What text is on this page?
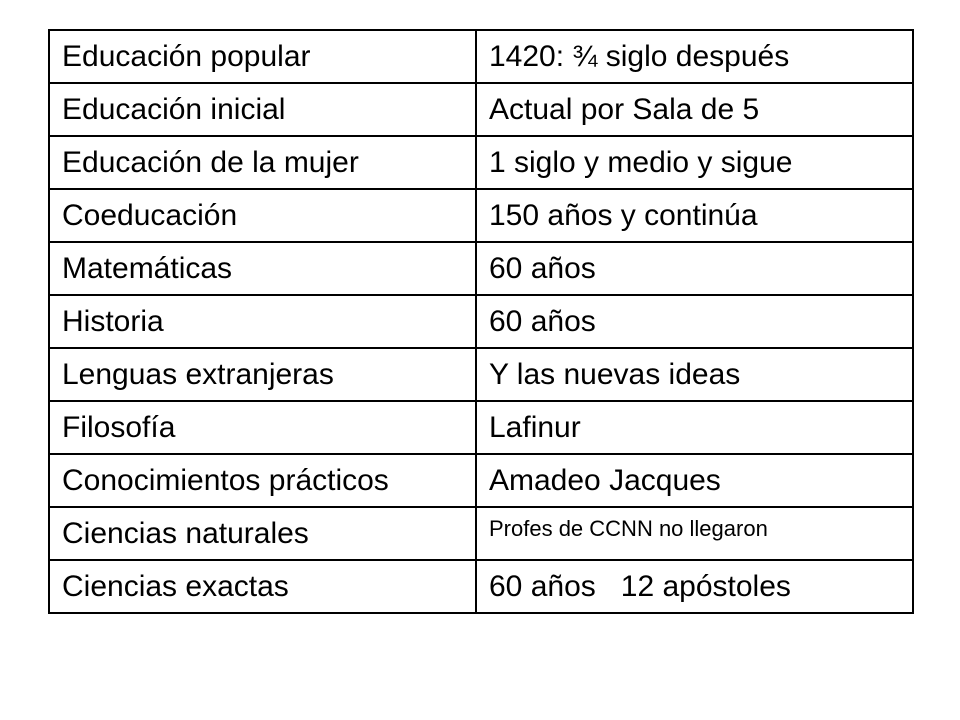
Educación popular	1420: ¾ siglo después
Educación inicial	Actual por Sala de 5
Educación de la mujer	1 siglo y medio y sigue
Coeducación	150 años y continúa
Matemáticas	60 años
Historia	60 años
Lenguas extranjeras	Y las nuevas ideas
Filosofía	Lafinur
Conocimientos prácticos	Amadeo Jacques
Ciencias naturales	Profes de CCNN no llegaron
Ciencias exactas	60 años   12 apóstoles
